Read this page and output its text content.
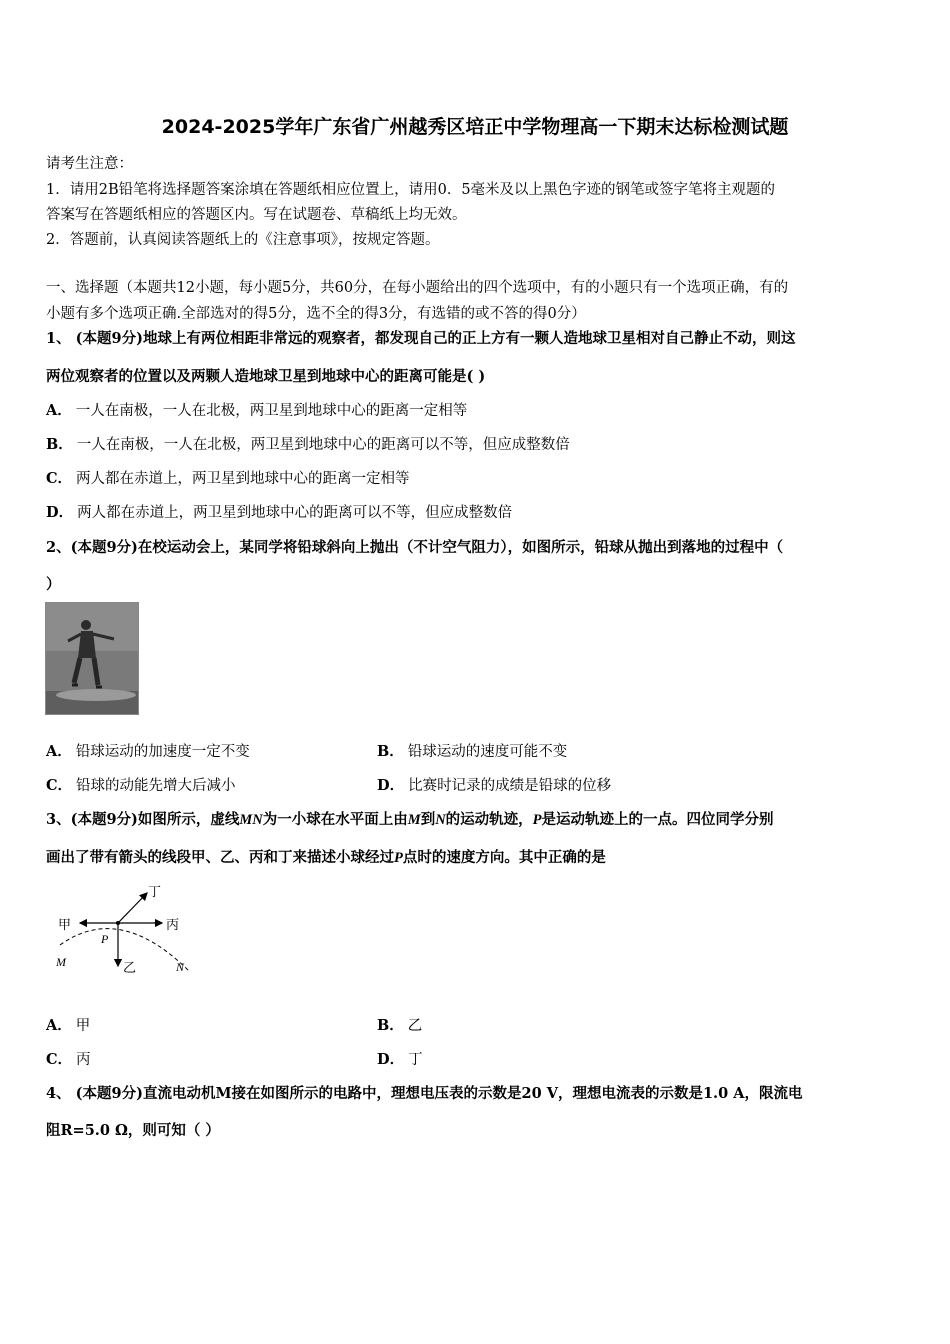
2024-2025学年广东省广州越秀区培正中学物理高一下期末达标检测试题
请考生注意：
1．请用2B铅笔将选择题答案涂填在答题纸相应位置上，请用0．5毫米及以上黑色字迹的钢笔或签字笔将主观题的
答案写在答题纸相应的答题区内。写在试题卷、草稿纸上均无效。
2．答题前，认真阅读答题纸上的《注意事项》，按规定答题。
一、选择题（本题共12小题，每小题5分，共60分，在每小题给出的四个选项中，有的小题只有一个选项正确，有的
小题有多个选项正确.全部选对的得5分，选不全的得3分，有选错的或不答的得0分）
1、 (本题9分)地球上有两位相距非常远的观察者，都发现自己的正上方有一颗人造地球卫星相对自己静止不动，则这
两位观察者的位置以及两颗人造地球卫星到地球中心的距离可能是( )
A． 一人在南极，一人在北极，两卫星到地球中心的距离一定相等
B． 一人在南极，一人在北极，两卫星到地球中心的距离可以不等，但应成整数倍
C． 两人都在赤道上，两卫星到地球中心的距离一定相等
D． 两人都在赤道上，两卫星到地球中心的距离可以不等，但应成整数倍
2、(本题9分)在校运动会上，某同学将铅球斜向上抛出（不计空气阻力），如图所示，铅球从抛出到落地的过程中（
）
A． 铅球运动的加速度一定不变	B． 铅球运动的速度可能不变
C． 铅球的动能先增大后减小	D． 比赛时记录的成绩是铅球的位移
3、(本题9分)如图所示，虚线MN为一小球在水平面上由M到N的运动轨迹，P是运动轨迹上的一点。四位同学分别
画出了带有箭头的线段甲、乙、丙和丁来描述小球经过P点时的速度方向。其中正确的是
甲	丙
乙
丁
P
M	N
A． 甲	B． 乙
C． 丙	D． 丁
4、 (本题9分)直流电动机M接在如图所示的电路中，理想电压表的示数是20 V，理想电流表的示数是1.0 A，限流电
阻R=5.0 Ω，则可知（ ）
